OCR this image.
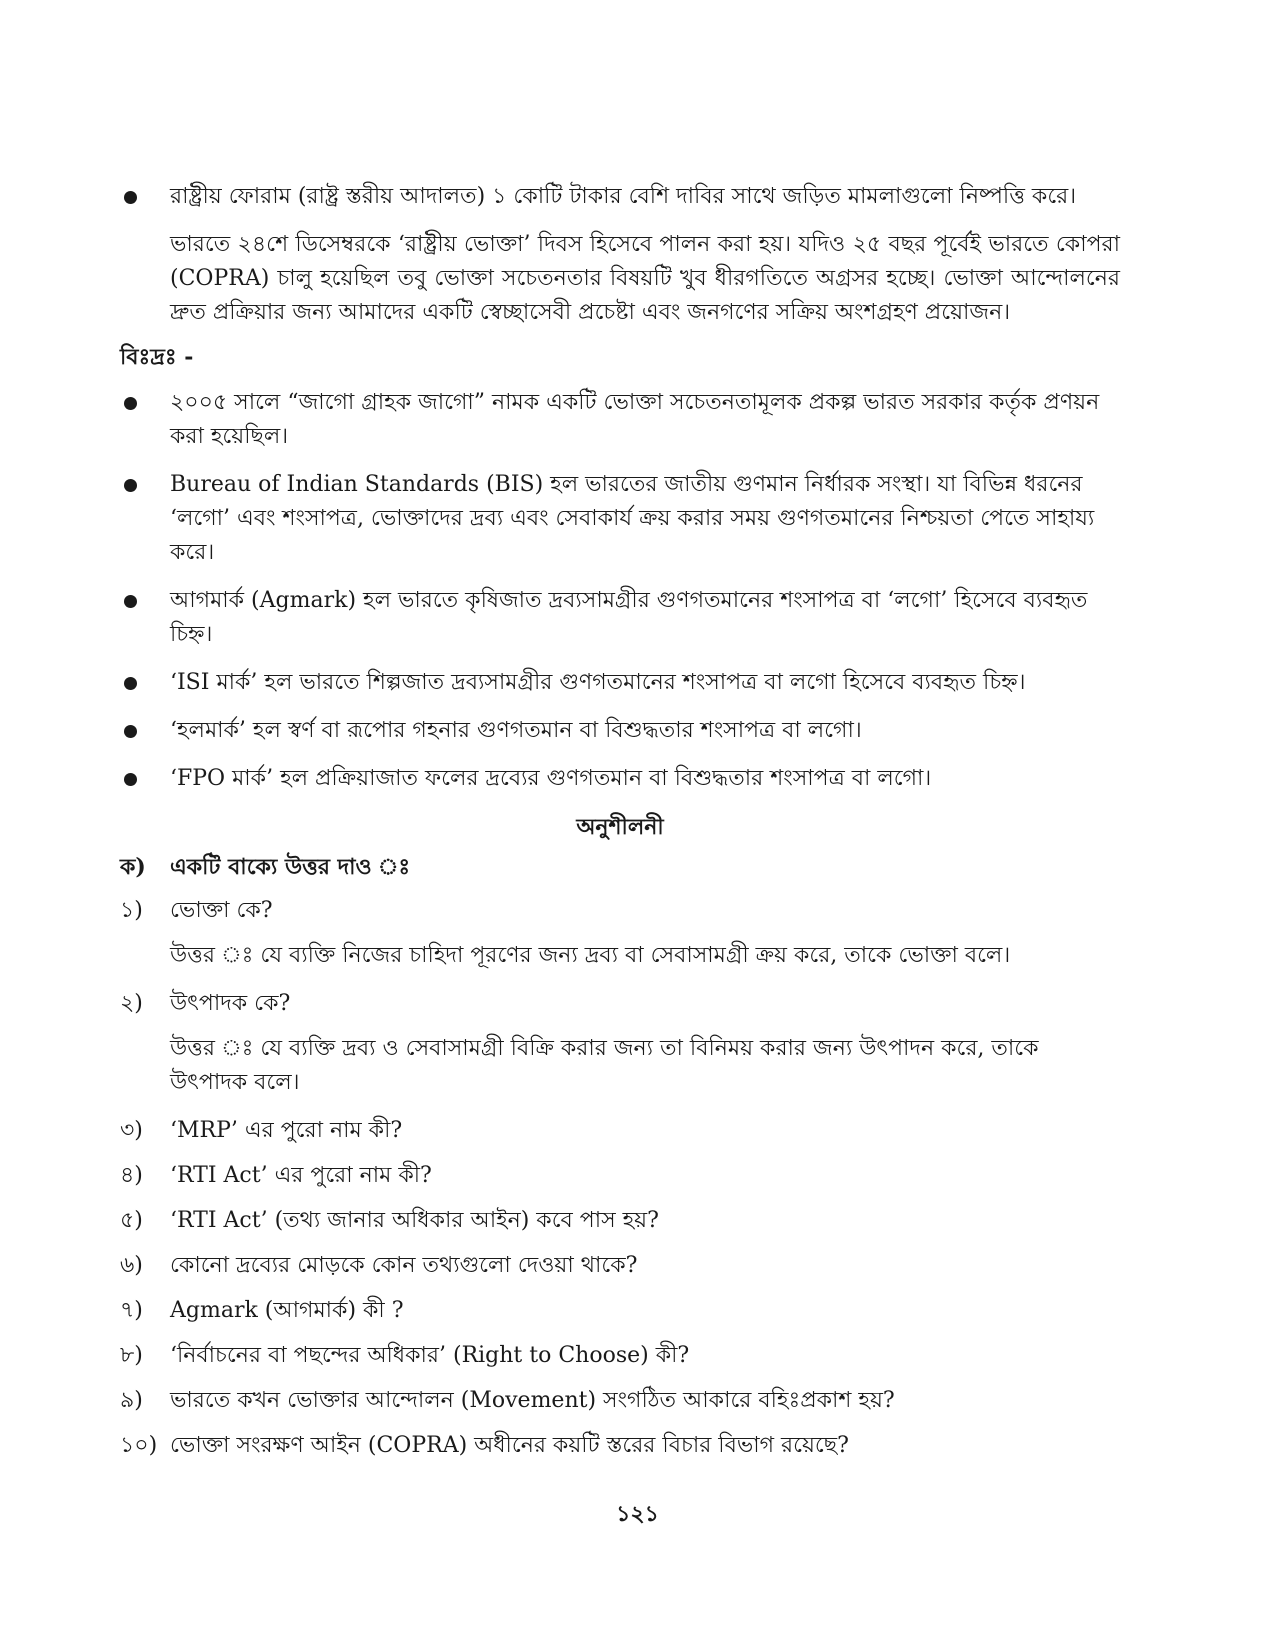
রাষ্ট্রীয় ফোরাম (রাষ্ট্র স্তরীয় আদালত) ১ কোটি টাকার বেশি দাবির সাথে জড়িত মামলাগুলো নিষ্পত্তি করে।
ভারতে ২৪শে ডিসেম্বরকে ‘রাষ্ট্রীয় ভোক্তা’ দিবস হিসেবে পালন করা হয়। যদিও ২৫ বছর পূর্বেই ভারতে কোপরা (COPRA) চালু হয়েছিল তবু ভোক্তা সচেতনতার বিষয়টি খুব ধীরগতিতে অগ্রসর হচ্ছে। ভোক্তা আন্দোলনের দ্রুত প্রক্রিয়ার জন্য আমাদের একটি স্বেচ্ছাসেবী প্রচেষ্টা এবং জনগণের সক্রিয় অংশগ্রহণ প্রয়োজন।
বিঃদ্রঃ -
২০০৫ সালে “জাগো গ্রাহক জাগো” নামক একটি ভোক্তা সচেতনতামূলক প্রকল্প ভারত সরকার কর্তৃক প্রণয়ন করা হয়েছিল।
Bureau of Indian Standards (BIS) হল ভারতের জাতীয় গুণমান নির্ধারক সংস্থা। যা বিভিন্ন ধরনের ‘লগো’ এবং শংসাপত্র, ভোক্তাদের দ্রব্য এবং সেবাকার্য ক্রয় করার সময় গুণগতমানের নিশ্চয়তা পেতে সাহায্য করে।
আগমার্ক (Agmark) হল ভারতে কৃষিজাত দ্রব্যসামগ্রীর গুণগতমানের শংসাপত্র বা ‘লগো’ হিসেবে ব্যবহৃত চিহ্ন।
‘ISI মার্ক’ হল ভারতে শিল্পজাত দ্রব্যসামগ্রীর গুণগতমানের শংসাপত্র বা লগো হিসেবে ব্যবহৃত চিহ্ন।
‘হলমার্ক’ হল স্বর্ণ বা রূপোর গহনার গুণগতমান বা বিশুদ্ধতার শংসাপত্র বা লগো।
‘FPO মার্ক’ হল প্রক্রিয়াজাত ফলের দ্রব্যের গুণগতমান বা বিশুদ্ধতার শংসাপত্র বা লগো।
অনুশীলনী
ক) একটি বাক্যে উত্তর দাও ঃ
১) ভোক্তা কে?
উত্তর ঃ যে ব্যক্তি নিজের চাহিদা পূরণের জন্য দ্রব্য বা সেবাসামগ্রী ক্রয় করে, তাকে ভোক্তা বলে।
২) উৎপাদক কে?
উত্তর ঃ যে ব্যক্তি দ্রব্য ও সেবাসামগ্রী বিক্রি করার জন্য তা বিনিময় করার জন্য উৎপাদন করে, তাকে উৎপাদক বলে।
৩) ‘MRP’ এর পুরো নাম কী?
৪) ‘RTI Act’ এর পুরো নাম কী?
৫) ‘RTI Act’ (তথ্য জানার অধিকার আইন) কবে পাস হয়?
৬) কোনো দ্রব্যের মোড়কে কোন তথ্যগুলো দেওয়া থাকে?
৭) Agmark (আগমার্ক) কী ?
৮) ‘নির্বাচনের বা পছন্দের অধিকার’ (Right to Choose) কী?
৯) ভারতে কখন ভোক্তার আন্দোলন (Movement) সংগঠিত আকারে বহিঃপ্রকাশ হয়?
১০) ভোক্তা সংরক্ষণ আইন (COPRA) অধীনের কয়টি স্তরের বিচার বিভাগ রয়েছে?
১২১
